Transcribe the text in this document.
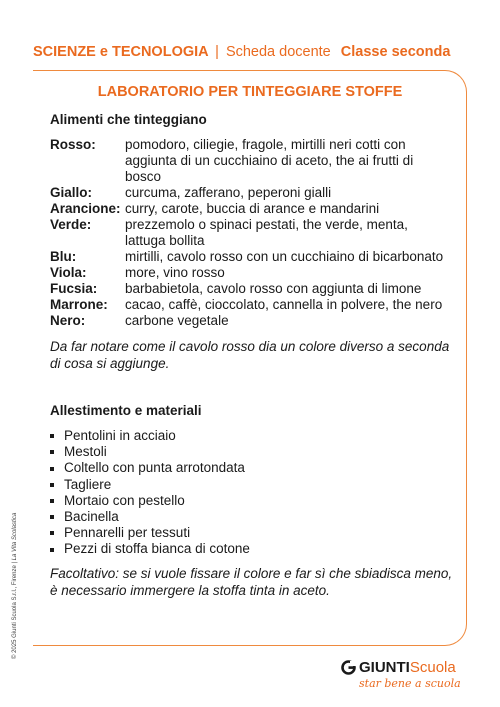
SCIENZE e TECNOLOGIA | Scheda docente Classe seconda
LABORATORIO PER TINTEGGIARE STOFFE
Alimenti che tinteggiano
Rosso:	pomodoro, ciliegie, fragole, mirtilli neri cotti con aggiunta di un cucchiaino di aceto, the ai frutti di bosco
Giallo:	curcuma, zafferano, peperoni gialli
Arancione: curry, carote, buccia di arance e mandarini
Verde:	prezzemolo o spinaci pestati, the verde, menta, lattuga bollita
Blu:	mirtilli, cavolo rosso con un cucchiaino di bicarbonato
Viola:	more, vino rosso
Fucsia:	barbabietola, cavolo rosso con aggiunta di limone
Marrone:	cacao, caffè, cioccolato, cannella in polvere, the nero
Nero:	carbone vegetale
Da far notare come il cavolo rosso dia un colore diverso a seconda di cosa si aggiunge.
Allestimento e materiali
Pentolini in acciaio
Mestoli
Coltello con punta arrotondata
Tagliere
Mortaio con pestello
Bacinella
Pennarelli per tessuti
Pezzi di stoffa bianca di cotone
Facoltativo: se si vuole fissare il colore e far sì che sbiadisca meno, è necessario immergere la stoffa tinta in aceto.
© 2025 Giunti Scuola S.r.l., Firenze | La Vita Scolastica
GIUNTIScuola
star bene a scuola
